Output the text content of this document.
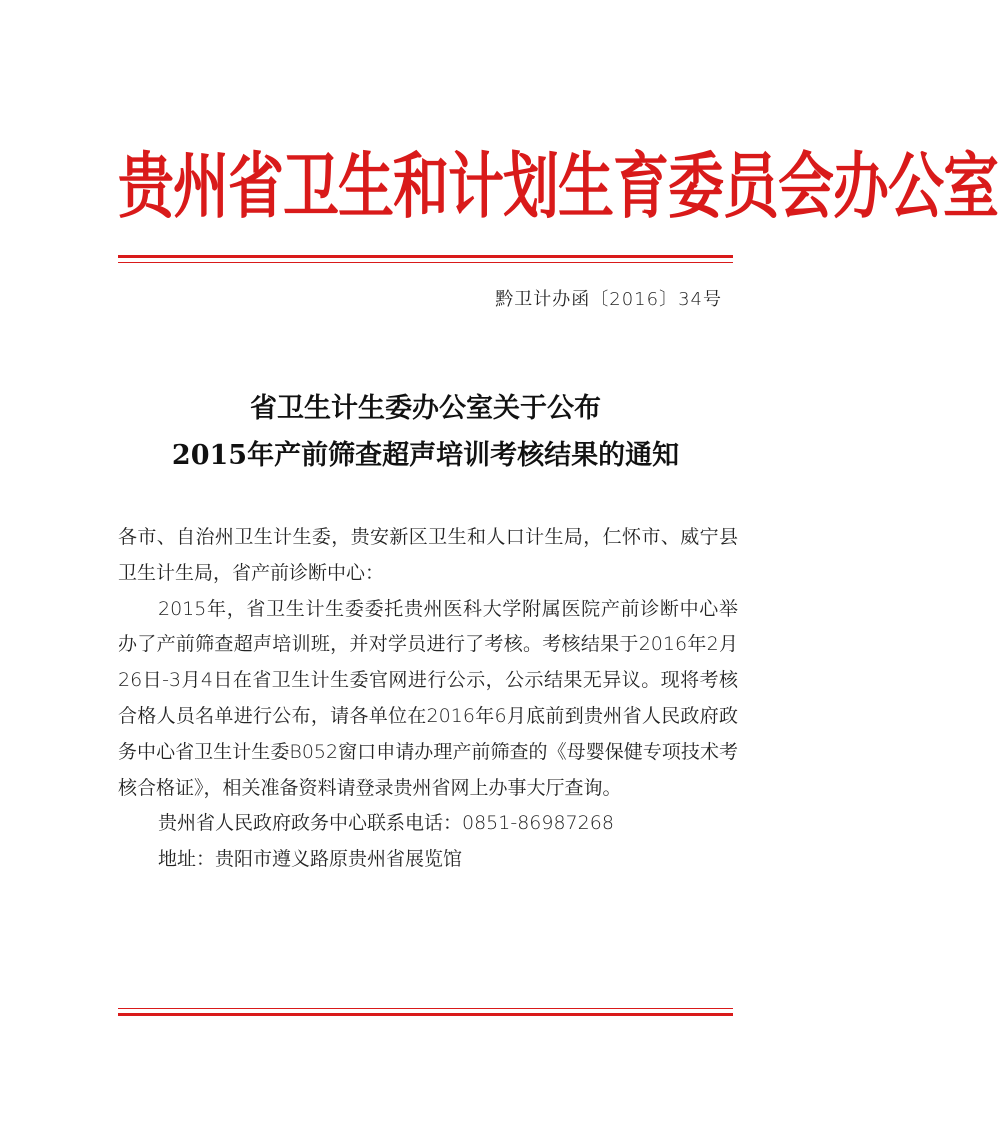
贵州省卫生和计划生育委员会办公室
黔卫计办函〔2016〕34号
省卫生计生委办公室关于公布
2015年产前筛查超声培训考核结果的通知

各市、自治州卫生计生委，贵安新区卫生和人口计生局，仁怀市、威宁县卫生计生局，省产前诊断中心：

2015年，省卫生计生委委托贵州医科大学附属医院产前诊断中心举办了产前筛查超声培训班，并对学员进行了考核。考核结果于2016年2月26日-3月4日在省卫生计生委官网进行公示，公示结果无异议。现将考核合格人员名单进行公布，请各单位在2016年6月底前到贵州省人民政府政务中心省卫生计生委B052窗口申请办理产前筛查的《母婴保健专项技术考核合格证》，相关准备资料请登录贵州省网上办事大厅查询。

贵州省人民政府政务中心联系电话：0851-86987268

地址：贵阳市遵义路原贵州省展览馆
